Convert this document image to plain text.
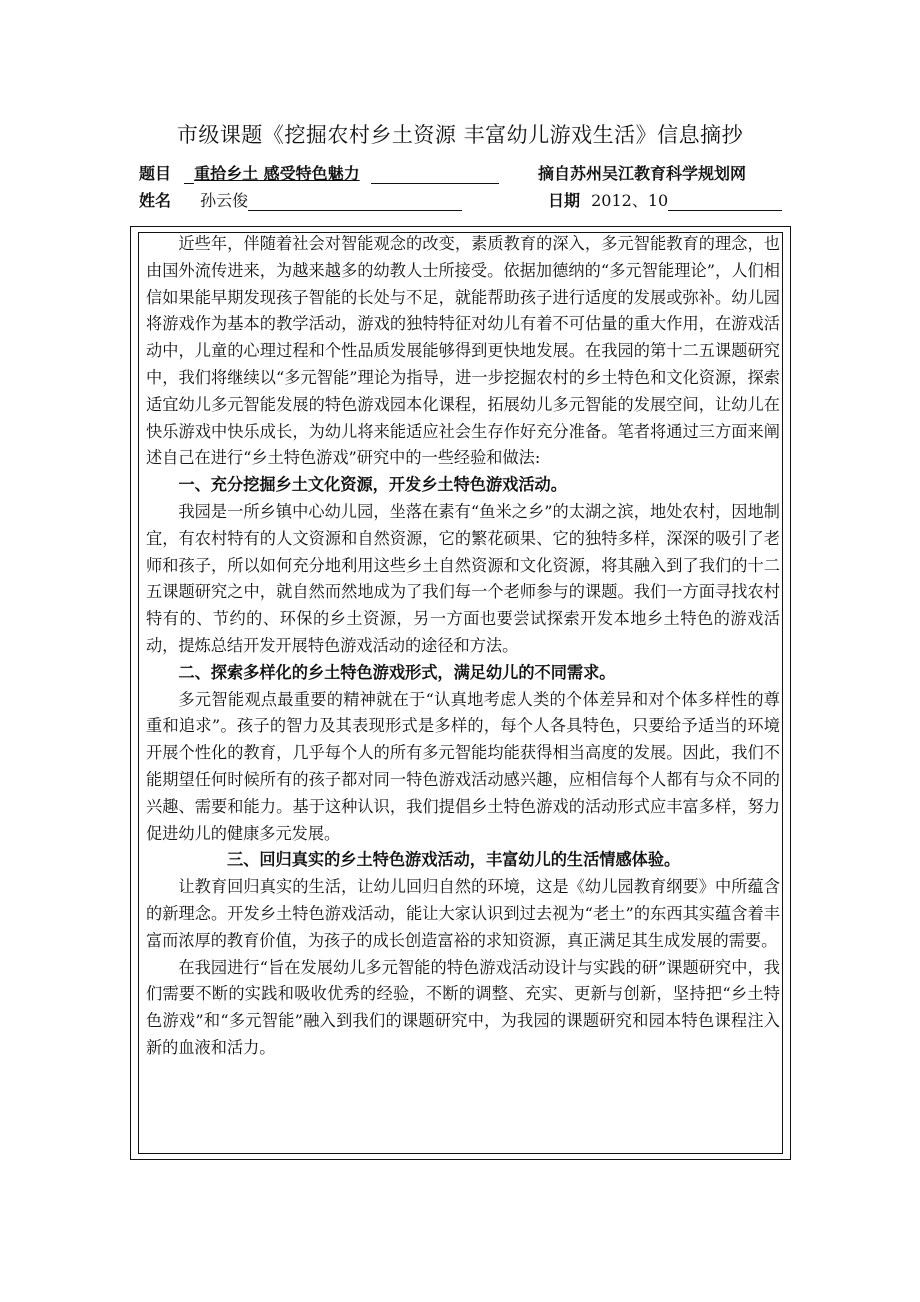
市级课题《挖掘农村乡土资源 丰富幼儿游戏生活》信息摘抄
题目 重拾乡土 感受特色魅力	摘自苏州吴江教育科学规划网
姓名 孙云俊	日期 2012、10

近些年，伴随着社会对智能观念的改变，素质教育的深入，多元智能教育的理念，也由国外流传进来，为越来越多的幼教人士所接受。依据加德纳的“多元智能理论”，人们相信如果能早期发现孩子智能的长处与不足，就能帮助孩子进行适度的发展或弥补。幼儿园将游戏作为基本的教学活动，游戏的独特特征对幼儿有着不可估量的重大作用，在游戏活动中，儿童的心理过程和个性品质发展能够得到更快地发展。在我园的第十二五课题研究中，我们将继续以“多元智能”理论为指导，进一步挖掘农村的乡土特色和文化资源，探索适宜幼儿多元智能发展的特色游戏园本化课程，拓展幼儿多元智能的发展空间，让幼儿在快乐游戏中快乐成长，为幼儿将来能适应社会生存作好充分准备。笔者将通过三方面来阐述自己在进行“乡土特色游戏”研究中的一些经验和做法:

一、充分挖掘乡土文化资源，开发乡土特色游戏活动。

我园是一所乡镇中心幼儿园，坐落在素有“鱼米之乡”的太湖之滨，地处农村，因地制宜，有农村特有的人文资源和自然资源，它的繁花硕果、它的独特多样，深深的吸引了老师和孩子，所以如何充分地利用这些乡土自然资源和文化资源，将其融入到了我们的十二五课题研究之中，就自然而然地成为了我们每一个老师参与的课题。我们一方面寻找农村特有的、节约的、环保的乡土资源，另一方面也要尝试探索开发本地乡土特色的游戏活动，提炼总结开发开展特色游戏活动的途径和方法。

二、探索多样化的乡土特色游戏形式，满足幼儿的不同需求。

多元智能观点最重要的精神就在于“认真地考虑人类的个体差异和对个体多样性的尊重和追求”。孩子的智力及其表现形式是多样的，每个人各具特色，只要给予适当的环境开展个性化的教育，几乎每个人的所有多元智能均能获得相当高度的发展。因此，我们不能期望任何时候所有的孩子都对同一特色游戏活动感兴趣，应相信每个人都有与众不同的兴趣、需要和能力。基于这种认识，我们提倡乡土特色游戏的活动形式应丰富多样，努力促进幼儿的健康多元发展。

三、回归真实的乡土特色游戏活动，丰富幼儿的生活情感体验。

让教育回归真实的生活，让幼儿回归自然的环境，这是《幼儿园教育纲要》中所蕴含的新理念。开发乡土特色游戏活动，能让大家认识到过去视为“老土”的东西其实蕴含着丰富而浓厚的教育价值，为孩子的成长创造富裕的求知资源，真正满足其生成发展的需要。

在我园进行“旨在发展幼儿多元智能的特色游戏活动设计与实践的研”课题研究中，我们需要不断的实践和吸收优秀的经验，不断的调整、充实、更新与创新，坚持把“乡土特色游戏”和“多元智能”融入到我们的课题研究中，为我园的课题研究和园本特色课程注入新的血液和活力。
